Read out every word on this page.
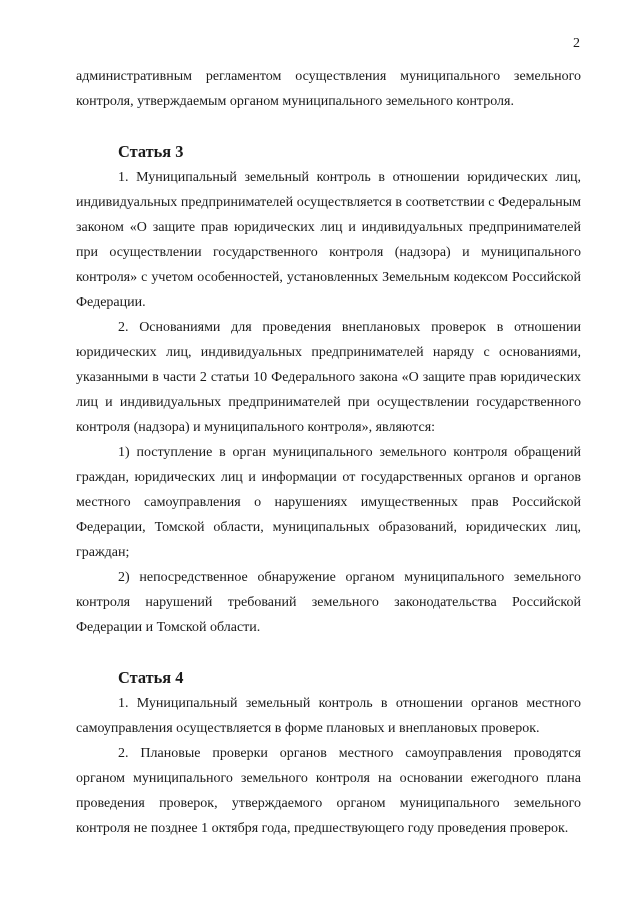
2

административным регламентом осуществления муниципального земельного контроля, утверждаемым органом муниципального земельного контроля.

Статья 3

1. Муниципальный земельный контроль в отношении юридических лиц, индивидуальных предпринимателей осуществляется в соответствии с Федеральным законом «О защите прав юридических лиц и индивидуальных предпринимателей при осуществлении государственного контроля (надзора) и муниципального контроля» с учетом особенностей, установленных Земельным кодексом Российской Федерации.

2. Основаниями для проведения внеплановых проверок в отношении юридических лиц, индивидуальных предпринимателей наряду с основаниями, указанными в части 2 статьи 10 Федерального закона «О защите прав юридических лиц и индивидуальных предпринимателей при осуществлении государственного контроля (надзора) и муниципального контроля», являются:

1) поступление в орган муниципального земельного контроля обращений граждан, юридических лиц и информации от государственных органов и органов местного самоуправления о нарушениях имущественных прав Российской Федерации, Томской области, муниципальных образований, юридических лиц, граждан;

2) непосредственное обнаружение органом муниципального земельного контроля нарушений требований земельного законодательства Российской Федерации и Томской области.

Статья 4

1. Муниципальный земельный контроль в отношении органов местного самоуправления осуществляется в форме плановых и внеплановых проверок.

2. Плановые проверки органов местного самоуправления проводятся органом муниципального земельного контроля на основании ежегодного плана проведения проверок, утверждаемого органом муниципального земельного контроля не позднее 1 октября года, предшествующего году проведения проверок.
